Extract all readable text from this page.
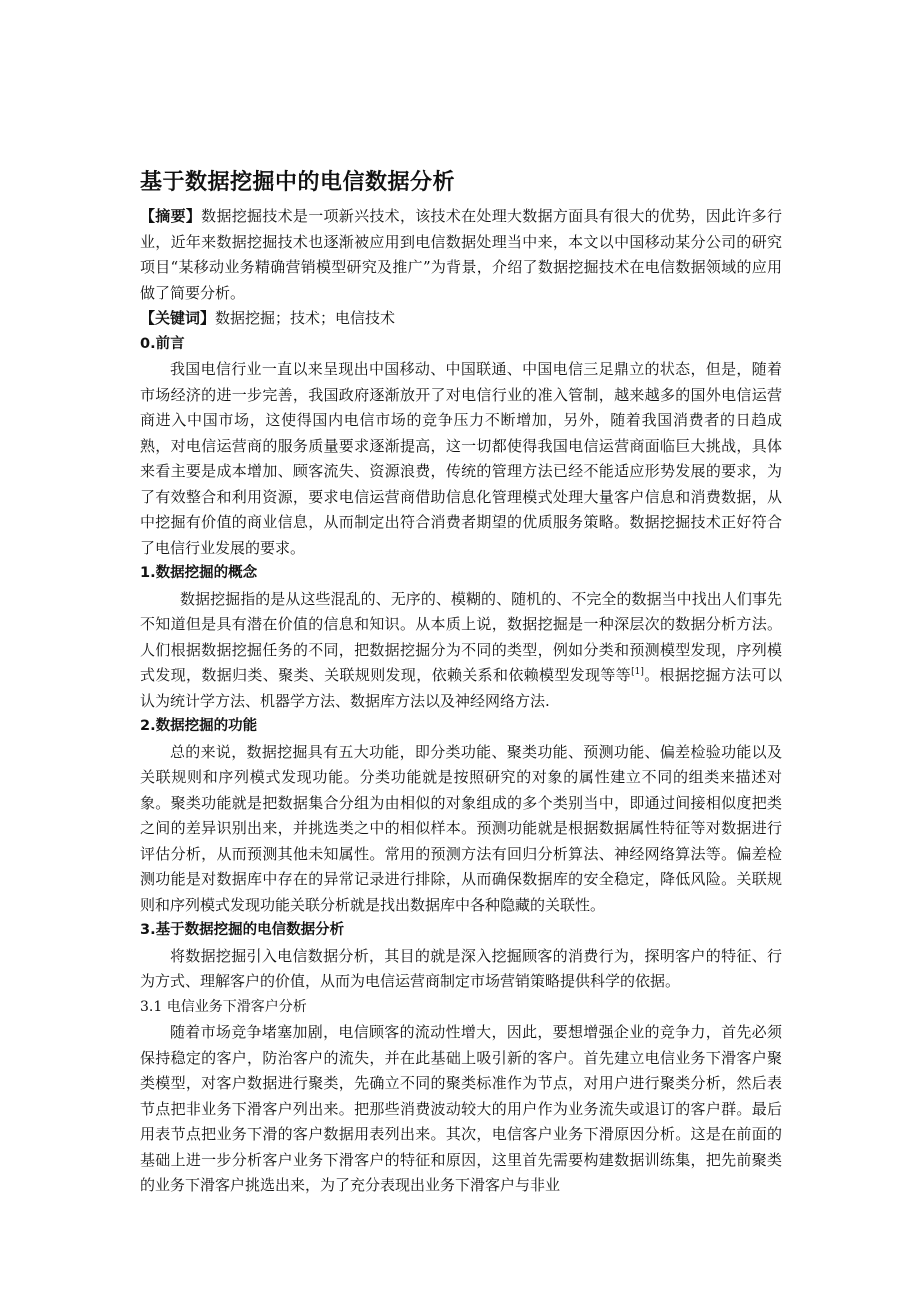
基于数据挖掘中的电信数据分析

【摘要】数据挖掘技术是一项新兴技术，该技术在处理大数据方面具有很大的优势，因此许多行业，近年来数据挖掘技术也逐渐被应用到电信数据处理当中来，本文以中国移动某分公司的研究项目“某移动业务精确营销模型研究及推广”为背景，介绍了数据挖掘技术在电信数据领域的应用做了简要分析。

【关键词】数据挖掘；技术；电信技术

0.前言

我国电信行业一直以来呈现出中国移动、中国联通、中国电信三足鼎立的状态，但是，随着市场经济的进一步完善，我国政府逐渐放开了对电信行业的准入管制，越来越多的国外电信运营商进入中国市场，这使得国内电信市场的竞争压力不断增加，另外，随着我国消费者的日趋成熟，对电信运营商的服务质量要求逐渐提高，这一切都使得我国电信运营商面临巨大挑战，具体来看主要是成本增加、顾客流失、资源浪费，传统的管理方法已经不能适应形势发展的要求，为了有效整合和利用资源，要求电信运营商借助信息化管理模式处理大量客户信息和消费数据，从中挖掘有价值的商业信息，从而制定出符合消费者期望的优质服务策略。数据挖掘技术正好符合了电信行业发展的要求。

1.数据挖掘的概念

数据挖掘指的是从这些混乱的、无序的、模糊的、随机的、不完全的数据当中找出人们事先不知道但是具有潜在价值的信息和知识。从本质上说，数据挖掘是一种深层次的数据分析方法。人们根据数据挖掘任务的不同，把数据挖掘分为不同的类型，例如分类和预测模型发现，序列模式发现，数据归类、聚类、关联规则发现，依赖关系和依赖模型发现等等[1]。根据挖掘方法可以认为统计学方法、机器学方法、数据库方法以及神经网络方法.

2.数据挖掘的功能

总的来说，数据挖掘具有五大功能，即分类功能、聚类功能、预测功能、偏差检验功能以及关联规则和序列模式发现功能。分类功能就是按照研究的对象的属性建立不同的组类来描述对象。聚类功能就是把数据集合分组为由相似的对象组成的多个类别当中，即通过间接相似度把类之间的差异识别出来，并挑选类之中的相似样本。预测功能就是根据数据属性特征等对数据进行评估分析，从而预测其他未知属性。常用的预测方法有回归分析算法、神经网络算法等。偏差检测功能是对数据库中存在的异常记录进行排除，从而确保数据库的安全稳定，降低风险。关联规则和序列模式发现功能关联分析就是找出数据库中各种隐藏的关联性。

3.基于数据挖掘的电信数据分析

将数据挖掘引入电信数据分析，其目的就是深入挖掘顾客的消费行为，探明客户的特征、行为方式、理解客户的价值，从而为电信运营商制定市场营销策略提供科学的依据。

3.1 电信业务下滑客户分析

随着市场竞争堵塞加剧，电信顾客的流动性增大，因此，要想增强企业的竞争力，首先必须保持稳定的客户，防治客户的流失，并在此基础上吸引新的客户。首先建立电信业务下滑客户聚类模型，对客户数据进行聚类，先确立不同的聚类标准作为节点，对用户进行聚类分析，然后表节点把非业务下滑客户列出来。把那些消费波动较大的用户作为业务流失或退订的客户群。最后用表节点把业务下滑的客户数据用表列出来。其次，电信客户业务下滑原因分析。这是在前面的基础上进一步分析客户业务下滑客户的特征和原因，这里首先需要构建数据训练集，把先前聚类的业务下滑客户挑选出来，为了充分表现出业务下滑客户与非业
